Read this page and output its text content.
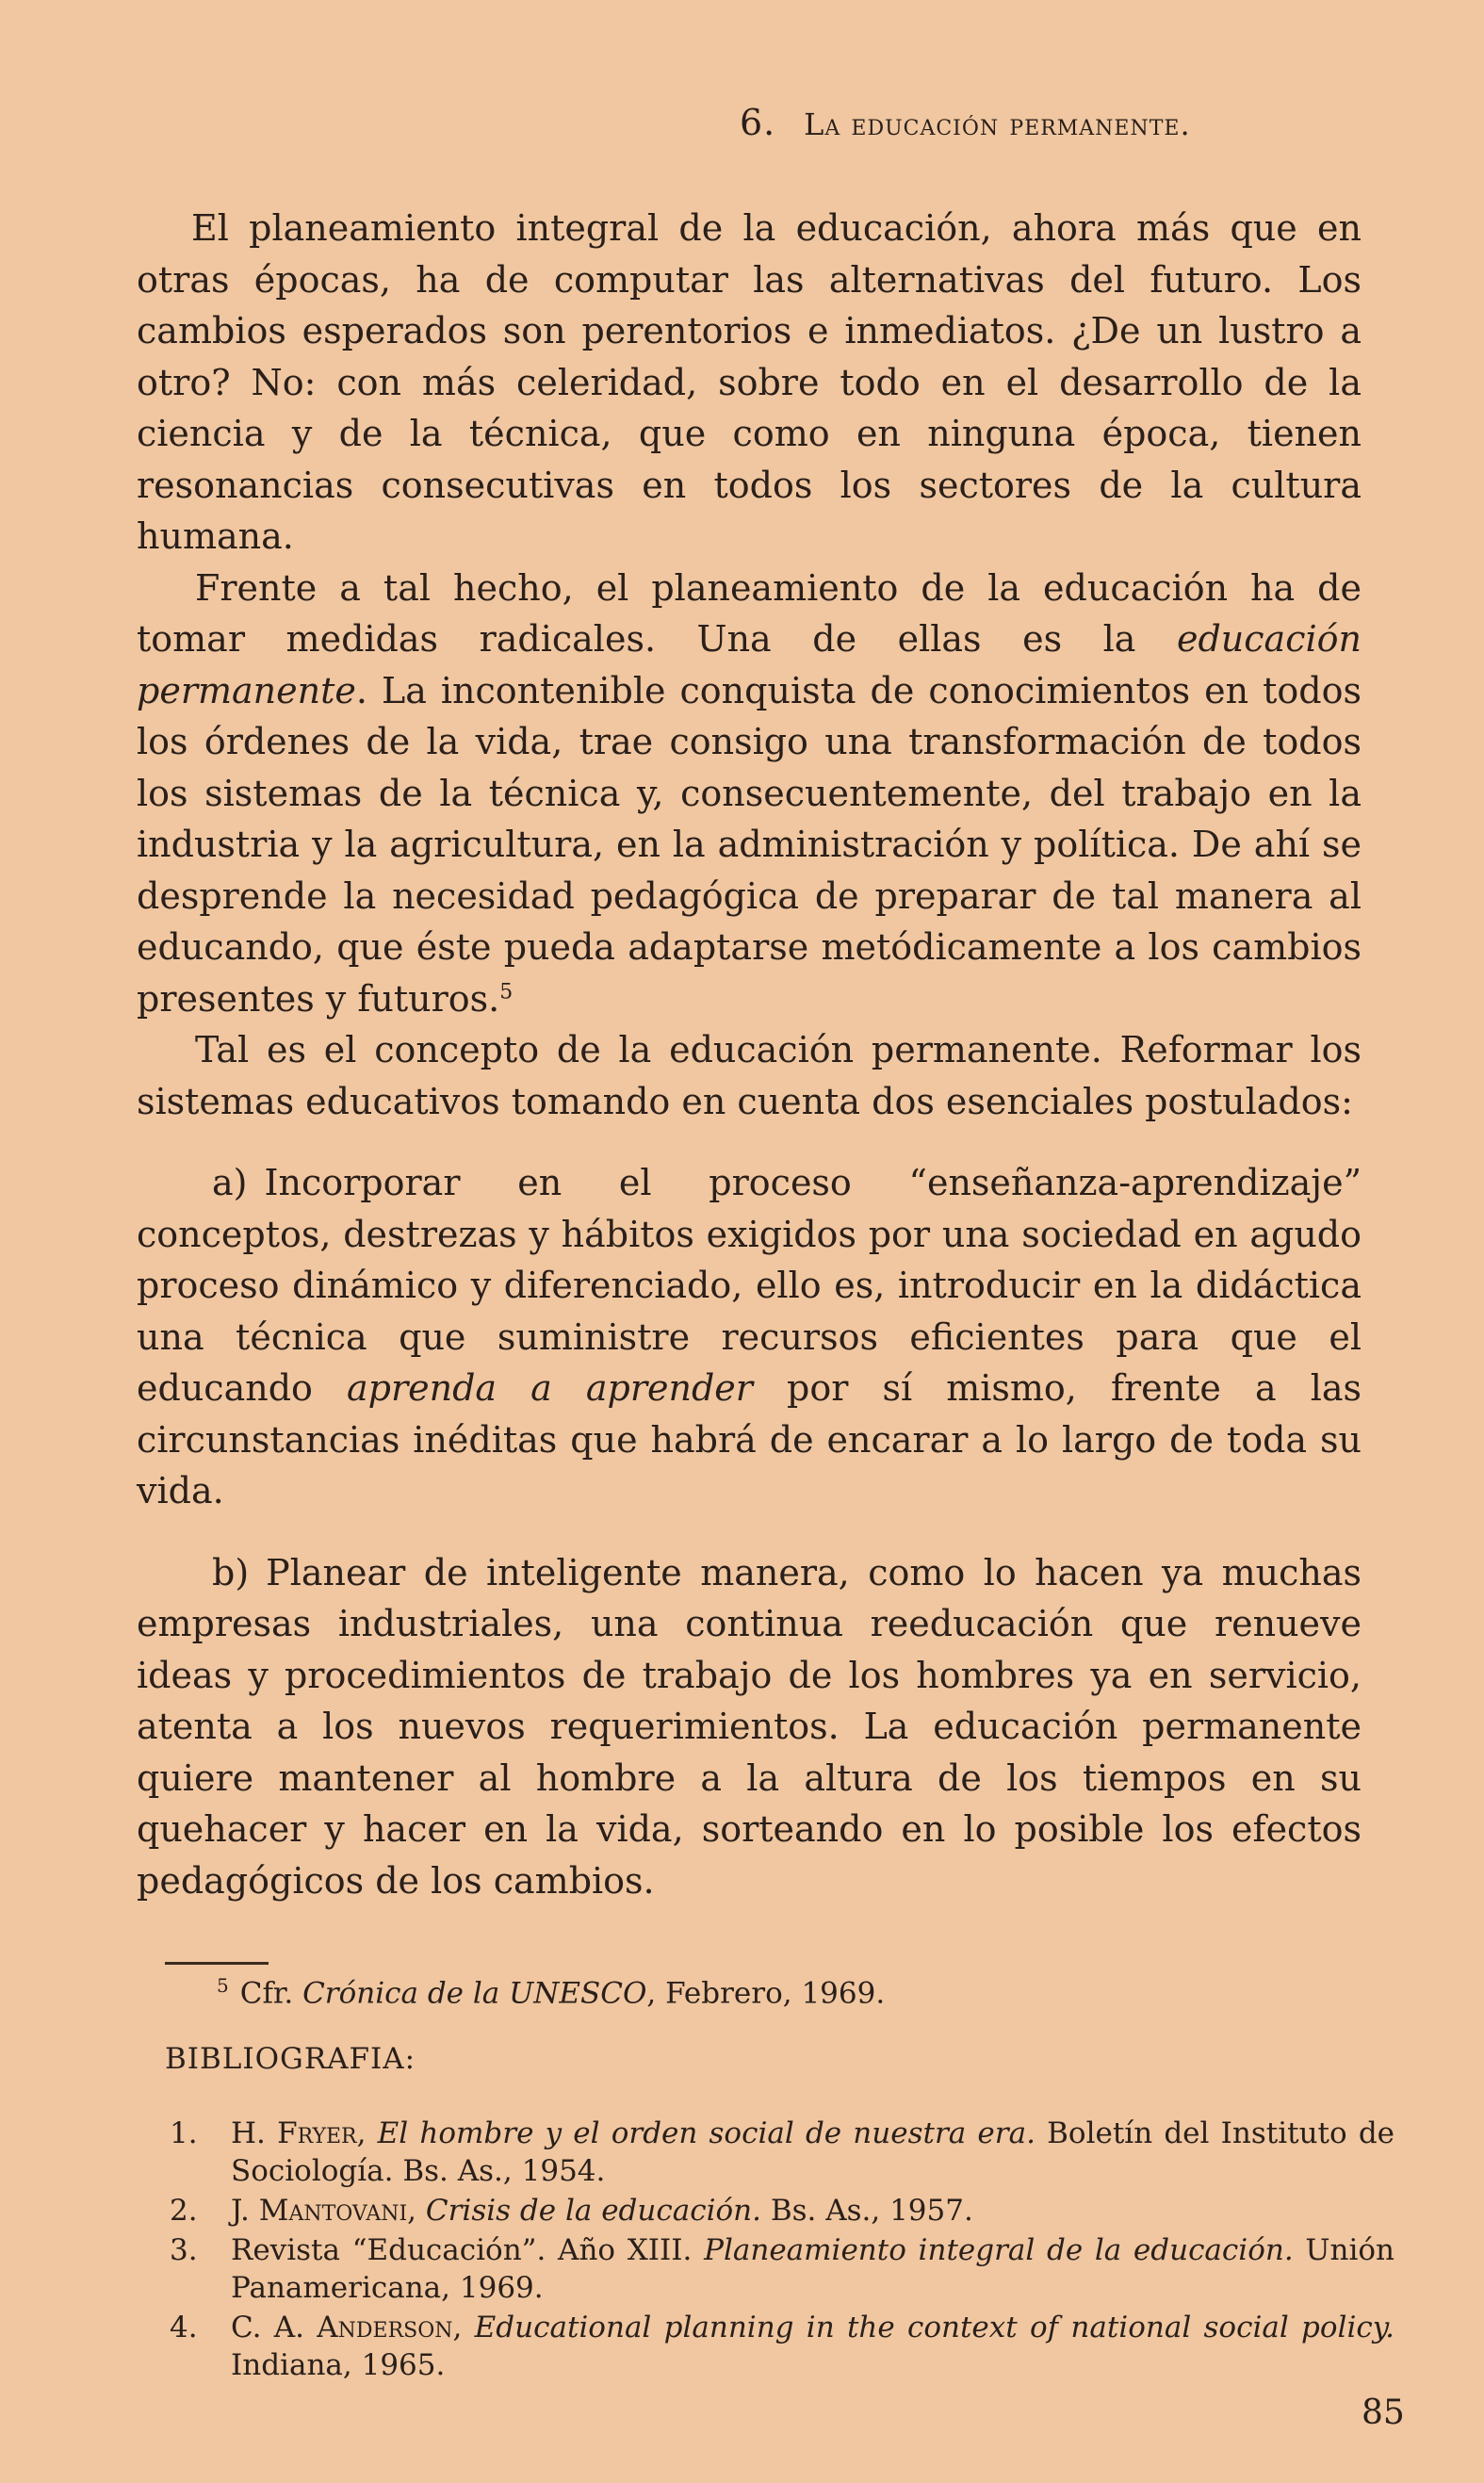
6. La educación permanente.

El planeamiento integral de la educación, ahora más que en otras épocas, ha de computar las alternativas del futuro. Los cambios esperados son perentorios e inmediatos. ¿De un lustro a otro? No: con más celeridad, sobre todo en el desarrollo de la ciencia y de la técnica, que como en ninguna época, tienen resonancias consecutivas en todos los sectores de la cultura humana.

Frente a tal hecho, el planeamiento de la educación ha de tomar medidas radicales. Una de ellas es la educación permanente. La incontenible conquista de conocimientos en todos los órdenes de la vida, trae consigo una transformación de todos los sistemas de la técnica y, consecuentemente, del trabajo en la industria y la agricultura, en la administración y política. De ahí se desprende la necesidad pedagógica de preparar de tal manera al educando, que éste pueda adaptarse metódicamente a los cambios presentes y futuros.$^5$

Tal es el concepto de la educación permanente. Reformar los sistemas educativos tomando en cuenta dos esenciales postulados:

a) Incorporar en el proceso “enseñanza-aprendizaje” conceptos, destrezas y hábitos exigidos por una sociedad en agudo proceso dinámico y diferenciado, ello es, introducir en la didáctica una técnica que suministre recursos eficientes para que el educando aprenda a aprender por sí mismo, frente a las circunstancias inéditas que habrá de encarar a lo largo de toda su vida.

b) Planear de inteligente manera, como lo hacen ya muchas empresas industriales, una continua reeducación que renueve ideas y procedimientos de trabajo de los hombres ya en servicio, atenta a los nuevos requerimientos. La educación permanente quiere mantener al hombre a la altura de los tiempos en su quehacer y hacer en la vida, sorteando en lo posible los efectos pedagógicos de los cambios.

$^5$ Cfr. Crónica de la UNESCO, Febrero, 1969.
BIBLIOGRAFIA:
1. H. Fryer, El hombre y el orden social de nuestra era. Boletín del Instituto de Sociología. Bs. As., 1954.
2. J. Mantovani, Crisis de la educación. Bs. As., 1957.
3. Revista “Educación”. Año XIII. Planeamiento integral de la educación. Unión Panamericana, 1969.
4. C. A. Anderson, Educational planning in the context of national social policy. Indiana, 1965.
85
